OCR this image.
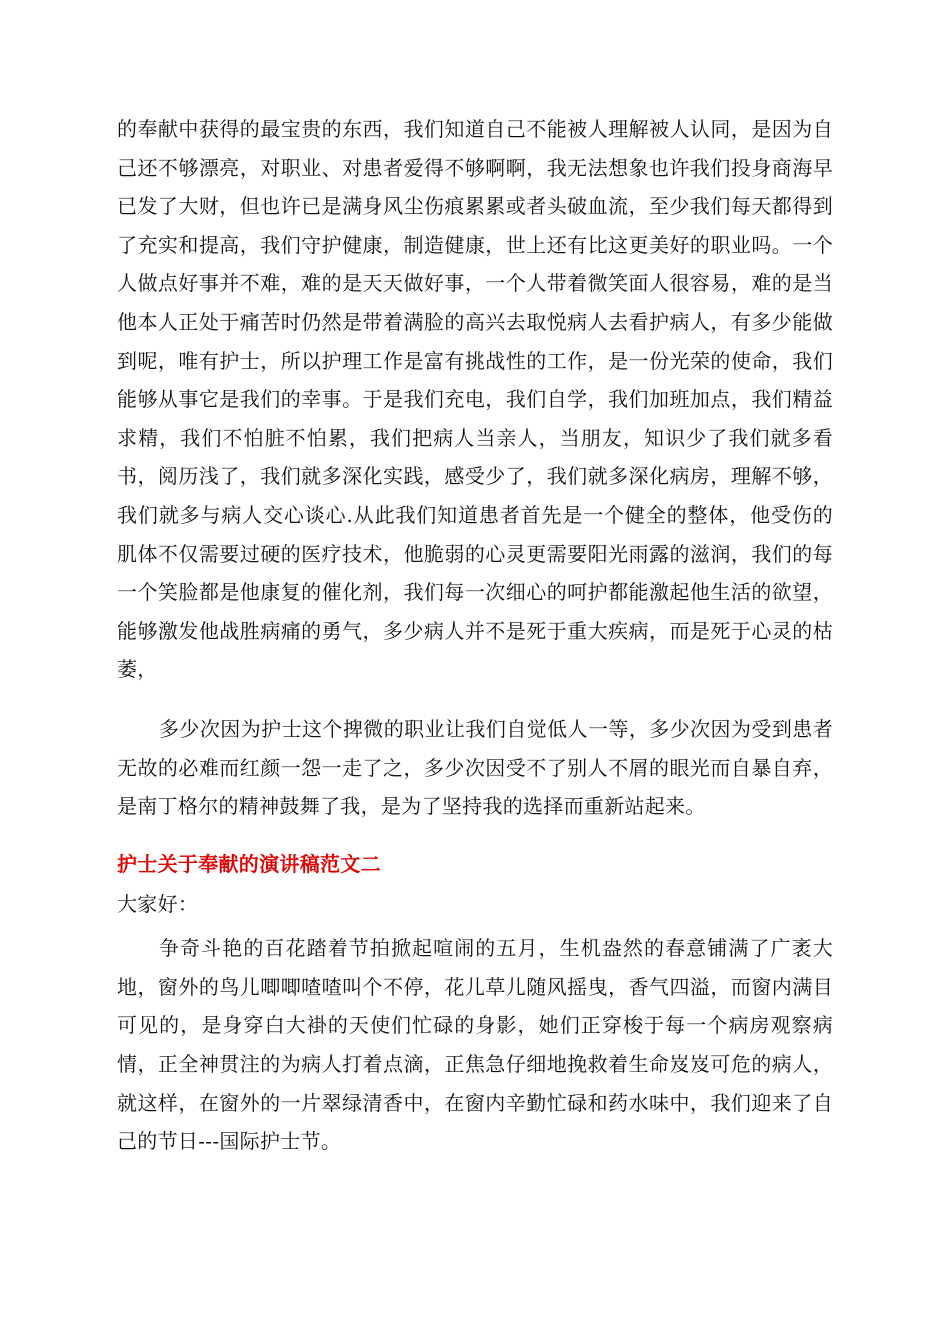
的奉献中获得的最宝贵的东西，我们知道自己不能被人理解被人认同，是因为自己还不够漂亮，对职业、对患者爱得不够啊啊，我无法想象也许我们投身商海早已发了大财，但也许已是满身风尘伤痕累累或者头破血流，至少我们每天都得到了充实和提高，我们守护健康，制造健康，世上还有比这更美好的职业吗。一个人做点好事并不难，难的是天天做好事，一个人带着微笑面人很容易，难的是当他本人正处于痛苦时仍然是带着满脸的高兴去取悦病人去看护病人，有多少能做到呢，唯有护士，所以护理工作是富有挑战性的工作，是一份光荣的使命，我们能够从事它是我们的幸事。于是我们充电，我们自学，我们加班加点，我们精益求精，我们不怕脏不怕累，我们把病人当亲人，当朋友，知识少了我们就多看书，阅历浅了，我们就多深化实践，感受少了，我们就多深化病房，理解不够，我们就多与病人交心谈心.从此我们知道患者首先是一个健全的整体，他受伤的肌体不仅需要过硬的医疗技术，他脆弱的心灵更需要阳光雨露的滋润，我们的每一个笑脸都是他康复的催化剂，我们每一次细心的呵护都能激起他生活的欲望，能够激发他战胜病痛的勇气，多少病人并不是死于重大疾病，而是死于心灵的枯萎，

多少次因为护士这个捭微的职业让我们自觉低人一等，多少次因为受到患者无故的必难而红颜一怨一走了之，多少次因受不了别人不屑的眼光而自暴自弃，是南丁格尔的精神鼓舞了我，是为了坚持我的选择而重新站起来。

护士关于奉献的演讲稿范文二

大家好：

争奇斗艳的百花踏着节拍掀起喧闹的五月，生机盎然的春意铺满了广袤大地，窗外的鸟儿唧唧喳喳叫个不停，花儿草儿随风摇曳，香气四溢，而窗内满目可见的，是身穿白大褂的天使们忙碌的身影，她们正穿梭于每一个病房观察病情，正全神贯注的为病人打着点滴，正焦急仔细地挽救着生命岌岌可危的病人，就这样，在窗外的一片翠绿清香中，在窗内辛勤忙碌和药水味中，我们迎来了自己的节日---国际护士节。
